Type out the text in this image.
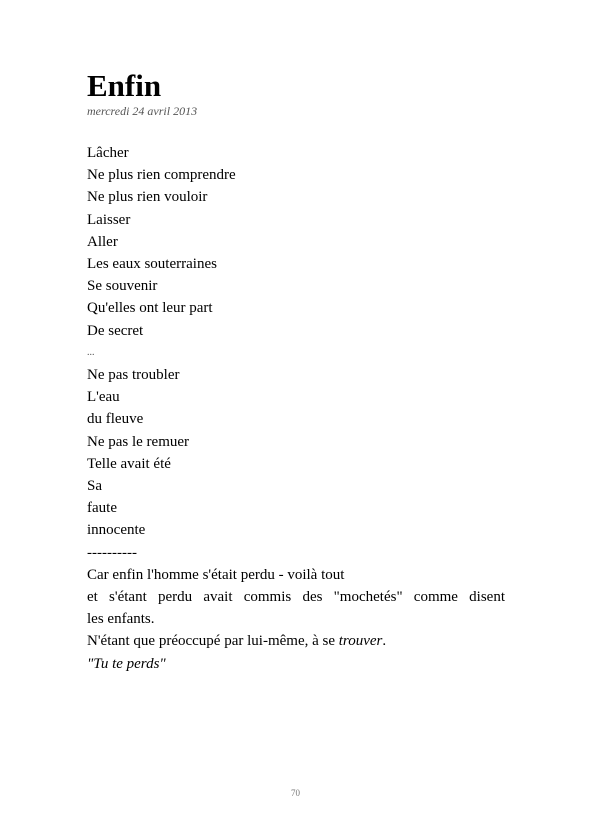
Enfin
mercredi 24 avril 2013
Lâcher
Ne plus rien comprendre
Ne plus rien vouloir
Laisser
Aller
Les eaux souterraines
Se souvenir
Qu'elles ont leur part
De secret
...
Ne pas troubler
L'eau
du fleuve
Ne pas le remuer
Telle avait été
Sa
faute
innocente
----------
Car enfin l'homme s'était perdu - voilà tout
et s'étant perdu avait commis des "mochetés" comme disent
les enfants.
N'étant que préoccupé par lui-même, à se trouver.
"Tu te perds"
70
